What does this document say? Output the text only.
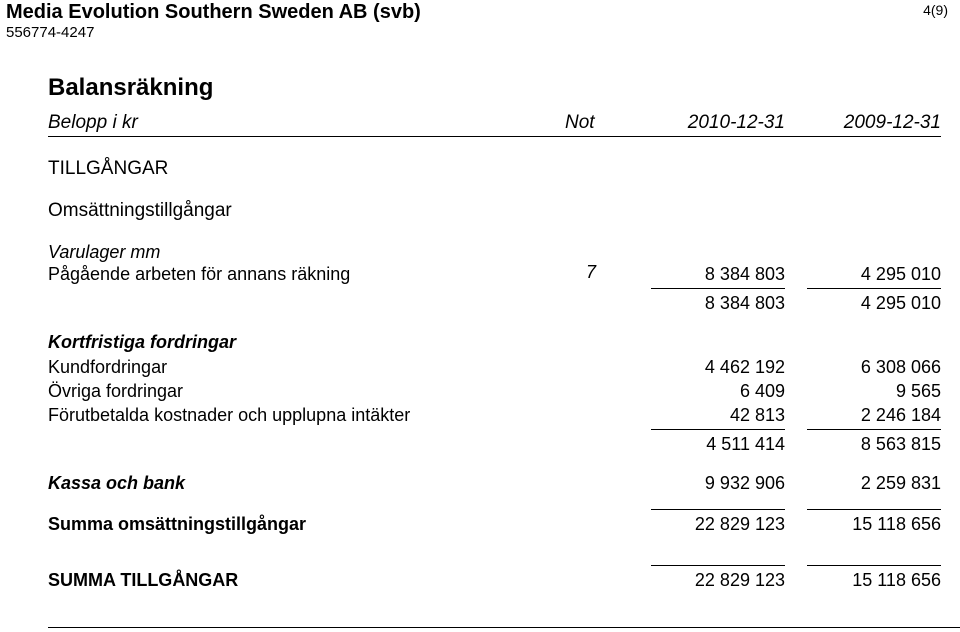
Media Evolution Southern Sweden AB (svb)
556774-4247
4(9)
Balansräkning
Belopp i kr	Not	2010-12-31	2009-12-31
TILLGÅNGAR
Omsättningstillgångar
Varulager mm
Pågående arbeten för annans räkning	7	8 384 803	4 295 010
8 384 803	4 295 010
Kortfristiga fordringar
Kundfordringar	4 462 192	6 308 066
Övriga fordringar	6 409	9 565
Förutbetalda kostnader och upplupna intäkter	42 813	2 246 184
4 511 414	8 563 815
Kassa och bank	9 932 906	2 259 831
Summa omsättningstillgångar	22 829 123	15 118 656
SUMMA TILLGÅNGAR	22 829 123	15 118 656
